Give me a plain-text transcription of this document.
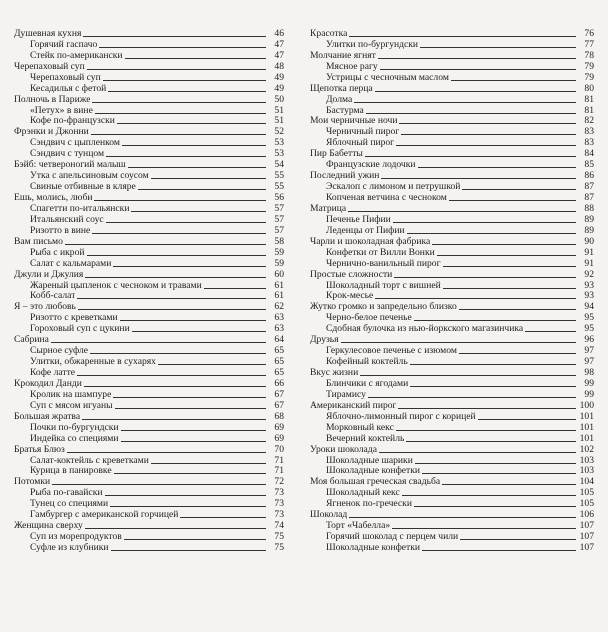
Душевная кухня	46
Горячий гаспачо	47
Стейк по-американски	47
Черепаховый суп	48
Черепаховый суп	49
Кесадилья с фетой	49
Полночь в Париже	50
«Петух» в вине	51
Кофе по-французски	51
Фрэнки и Джонни	52
Сэндвич с цыпленком	53
Сэндвич с тунцом	53
Бэйб: четвероногий малыш	54
Утка с апельсиновым соусом	55
Свиные отбивные в кляре	55
Ешь, молись, люби	56
Спагетти по-итальянски	57
Итальянский соус	57
Ризотто в вине	57
Вам письмо	58
Рыба с икрой	59
Салат с кальмарами	59
Джули и Джулия	60
Жареный цыпленок с чесноком и травами	61
Кобб-салат	61
Я – это любовь	62
Ризотто с креветками	63
Гороховый суп с цукини	63
Сабрина	64
Сырное суфле	65
Улитки, обжаренные в сухарях	65
Кофе латте	65
Крокодил Данди	66
Кролик на шампуре	67
Суп с мясом игуаны	67
Большая жратва	68
Почки по-бургундски	69
Индейка со специями	69
Братья Блюз	70
Салат-коктейль с креветками	71
Курица в панировке	71
Потомки	72
Рыба по-гавайски	73
Тунец со специями	73
Гамбургер с американской горчицей	73
Женщина сверху	74
Суп из морепродуктов	75
Суфле из клубники	75
Красотка	76
Улитки по-бургундски	77
Молчание ягнят	78
Мясное рагу	79
Устрицы с чесночным маслом	79
Щепотка перца	80
Долма	81
Бастурма	81
Мои черничные ночи	82
Черничный пирог	83
Яблочный пирог	83
Пир Бабетты	84
Французские лодочки	85
Последний ужин	86
Эскалоп с лимоном и петрушкой	87
Копченая ветчина с чесноком	87
Матрица	88
Печенье Пифии	89
Леденцы от Пифии	89
Чарли и шоколадная фабрика	90
Конфетки от Вилли Вонки	91
Чернично-ванильный пирог	91
Простые сложности	92
Шоколадный торт с вишней	93
Крок-месье	93
Жутко громко и запредельно близко	94
Черно-белое печенье	95
Сдобная булочка из нью-йоркского магазинчика	95
Друзья	96
Геркулесовое печенье с изюмом	97
Кофейный коктейль	97
Вкус жизни	98
Блинчики с ягодами	99
Тирамису	99
Американский пирог	100
Яблочно-лимонный пирог с корицей	101
Морковный кекс	101
Вечерний коктейль	101
Уроки шоколада	102
Шоколадные шарики	103
Шоколадные конфетки	103
Моя большая греческая свадьба	104
Шоколадный кекс	105
Ягненок по-гречески	105
Шоколад	106
Торт «Чабелла»	107
Горячий шоколад с перцем чили	107
Шоколадные конфетки	107
